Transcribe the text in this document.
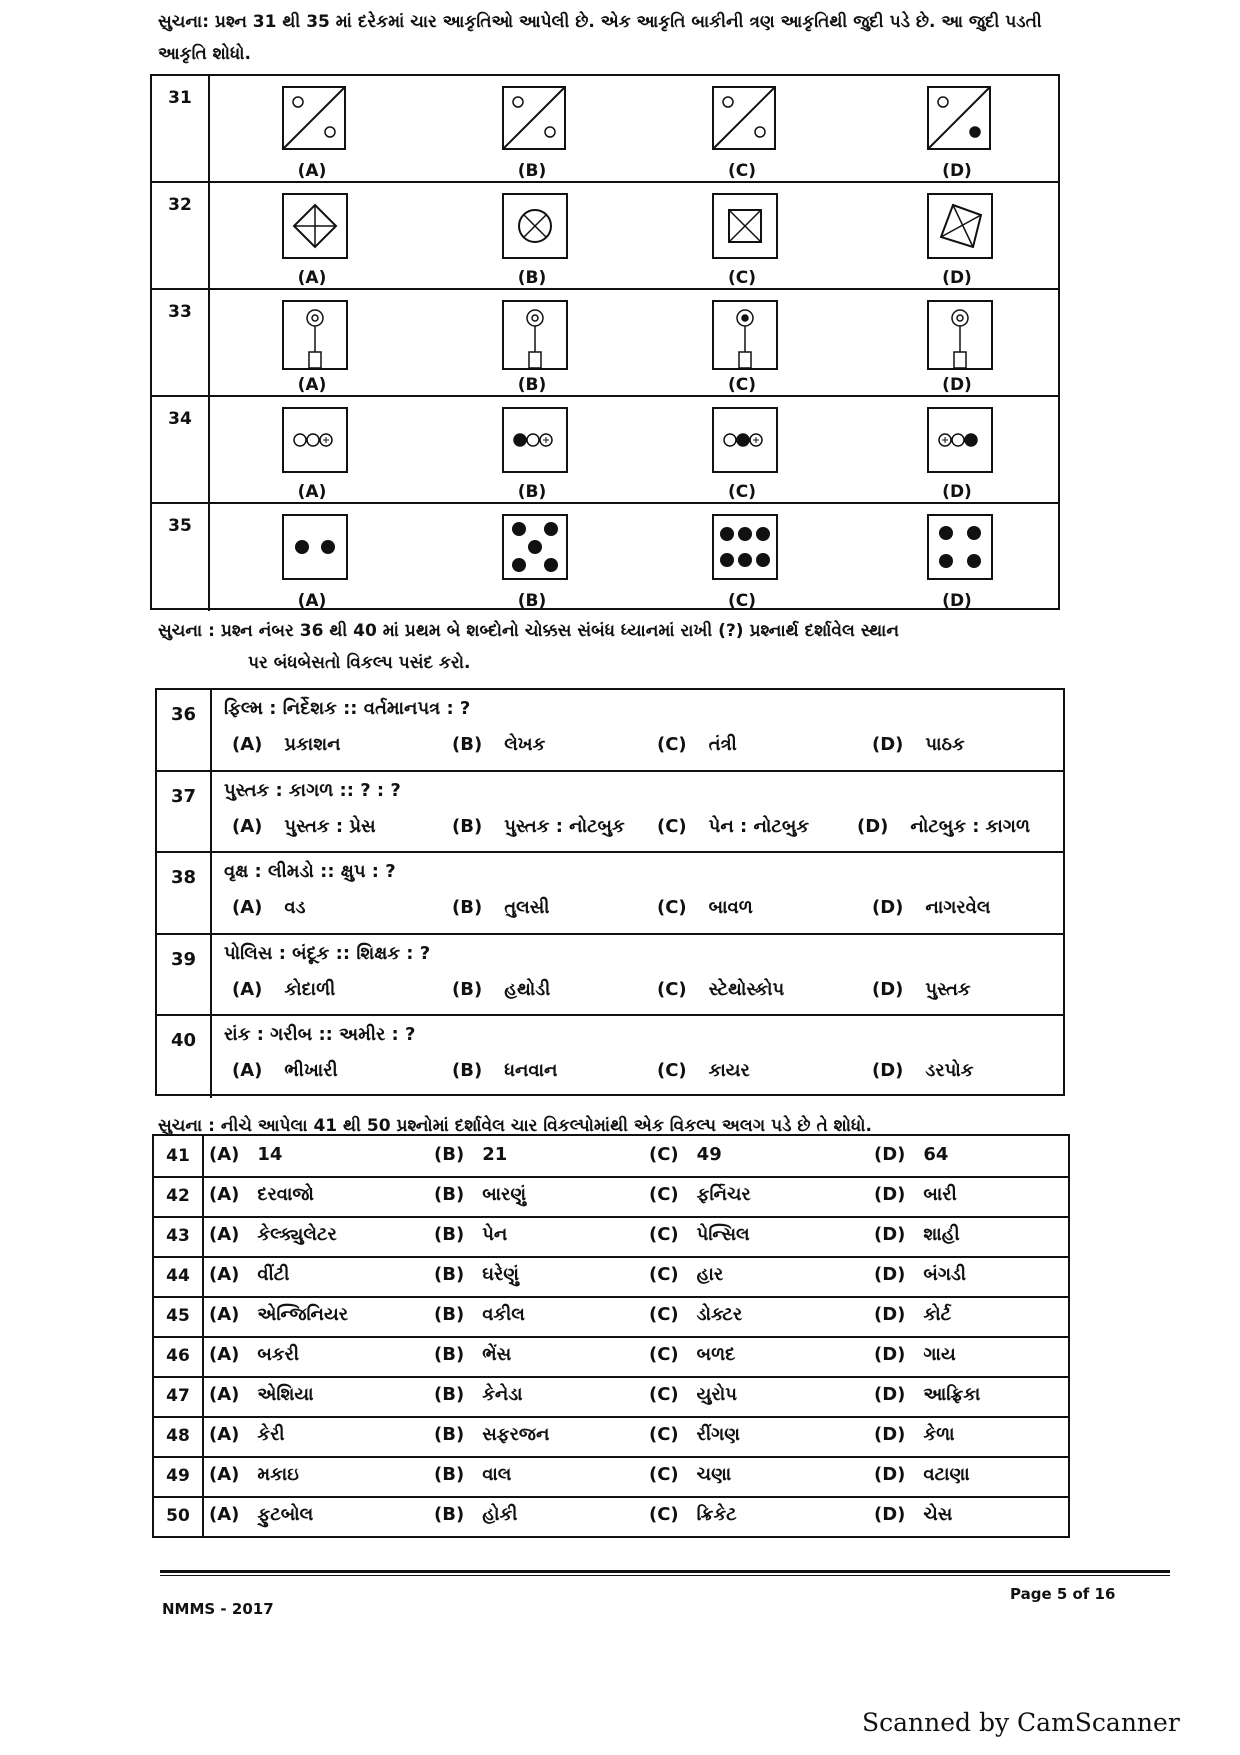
સુચના: પ્રશ્ન 31 થી 35 માં દરેકમાં ચાર આકૃતિઓ આપેલી છે. એક આકૃતિ બાકીની ત્રણ આકૃતિથી જુદી પડે છે. આ જુદી પડતી આકૃતિ શોધો.
31
(A)	(B)	(C)	(D)
32
(A)	(B)	(C)	(D)
33
(A)	(B)	(C)	(D)
34
(A)	(B)	(C)	(D)
35
(A)	(B)	(C)	(D)
સુચના : પ્રશ્ન નંબર 36 થી 40 માં પ્રથમ બે શબ્દોનો ચોક્કસ સંબંધ ધ્યાનમાં રાખી (?) પ્રશ્નાર્થ દર્શાવેલ સ્થાન
પર બંધબેસતો વિકલ્પ પસંદ કરો.
36	ફિલ્મ : નિર્દેશક :: વર્તમાનપત્ર : ?
(A) પ્રકાશન	(B) લેખક	(C) તંત્રી	(D) પાઠક
37	પુસ્તક : કાગળ :: ? : ?
(A) પુસ્તક : પ્રેસ	(B) પુસ્તક : નોટબુક (C) પેન : નોટબુક	(D) નોટબુક : કાગળ
38	વૃક્ષ : લીમડો :: ક્ષુપ : ?
(A) વડ	(B) તુલસી	(C) બાવળ	(D) નાગરવેલ
39	પોલિસ : બંદૂક :: શિક્ષક : ?
(A) કોદાળી	(B) હથોડી	(C) સ્ટેથોસ્કોપ	(D) પુસ્તક
40	રાંક : ગરીબ :: અમીર : ?
(A) ભીખારી	(B) ધનવાન	(C) કાયર	(D) ડરપોક
સુચના : નીચે આપેલા 41 થી 50 પ્રશ્નોમાં દર્શાવેલ ચાર વિકલ્પોમાંથી એક વિકલ્પ અલગ પડે છે તે શોધો.
41	(A) 14	(B) 21	(C) 49	(D) 64
42	(A) દરવાજો	(B) બારણું	(C) ફર્નિચર	(D) બારી
43	(A) કેલ્ક્યુલેટર	(B) પેન	(C) પેન્સિલ	(D) શાહી
44	(A) વીંટી	(B) ઘરેણું	(C) હાર	(D) બંગડી
45	(A) એન્જિનિયર	(B) વકીલ	(C) ડોક્ટર	(D) કોર્ટ
46	(A) બકરી	(B) ભેંસ	(C) બળદ	(D) ગાય
47	(A) એશિયા	(B) કેનેડા	(C) યુરોપ	(D) આફ્રિકા
48	(A) કેરી	(B) સફરજન	(C) રીંગણ	(D) કેળા
49	(A) મકાઇ	(B) વાલ	(C) ચણા	(D) વટાણા
50	(A) ફુટબોલ	(B) હોકી	(C) ક્રિકેટ	(D) ચેસ
NMMS - 2017
Page 5 of 16
Scanned by CamScanner
